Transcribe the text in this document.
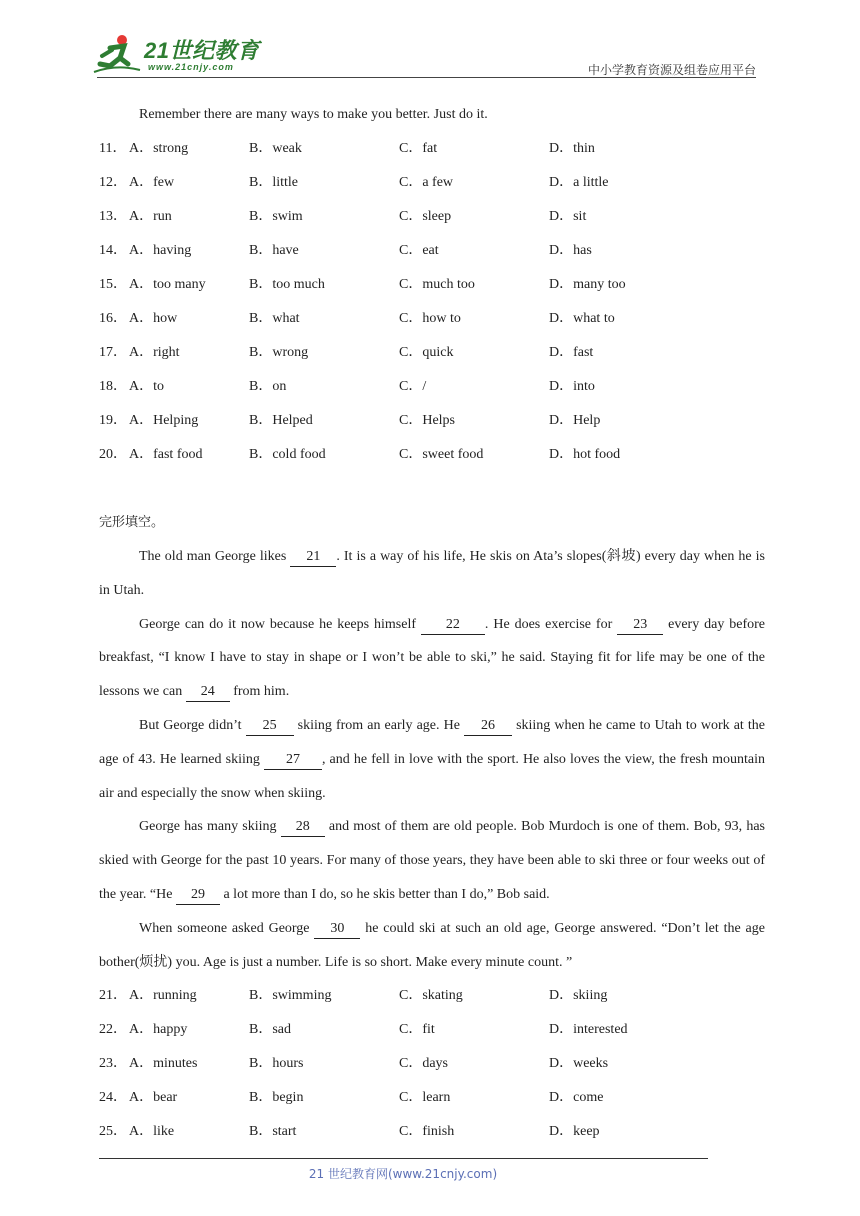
21世纪教育
www.21cnjy.com	中小学教育资源及组卷应用平台
Remember there are many ways to make you better. Just do it.
11． A．strong	B．weak	C．fat	D．thin
12． A．few	B．little	C．a few	D．a little
13． A．run	B．swim	C．sleep	D．sit
14． A．having	B．have	C．eat	D．has
15． A．too many	B．too much	C．much too	D．many too
16． A．how	B．what	C．how to	D．what to
17． A．right	B．wrong	C．quick	D．fast
18． A．to	B．on	C．/	D．into
19． A．Helping	B．Helped	C．Helps	D．Help
20． A．fast food	B．cold food	C．sweet food	D．hot food
完形填空。
The old man George likes 21 . It is a way of his life, He skis on Ata’s slopes(斜坡) every day when he is in Utah.
George can do it now because he keeps himself 22 . He does exercise for 23 every day before breakfast, “I know I have to stay in shape or I won’t be able to ski,” he said. Staying fit for life may be one of the lessons we can 24 from him.
But George didn’t 25 skiing from an early age. He 26 skiing when he came to Utah to work at the age of 43. He learned skiing 27 , and he fell in love with the sport. He also loves the view, the fresh mountain air and especially the snow when skiing.
George has many skiing 28 and most of them are old people. Bob Murdoch is one of them. Bob, 93, has skied with George for the past 10 years. For many of those years, they have been able to ski three or four weeks out of the year. “He 29 a lot more than I do, so he skis better than I do,” Bob said.
When someone asked George 30 he could ski at such an old age, George answered. “Don’t let the age bother(烦扰) you. Age is just a number. Life is so short. Make every minute count. ”
21． A．running	B．swimming	C．skating	D．skiing
22． A．happy	B．sad	C．fit	D．interested
23． A．minutes	B．hours	C．days	D．weeks
24． A．bear	B．begin	C．learn	D．come
25． A．like	B．start	C．finish	D．keep
21 世纪教育网(www.21cnjy.com)
